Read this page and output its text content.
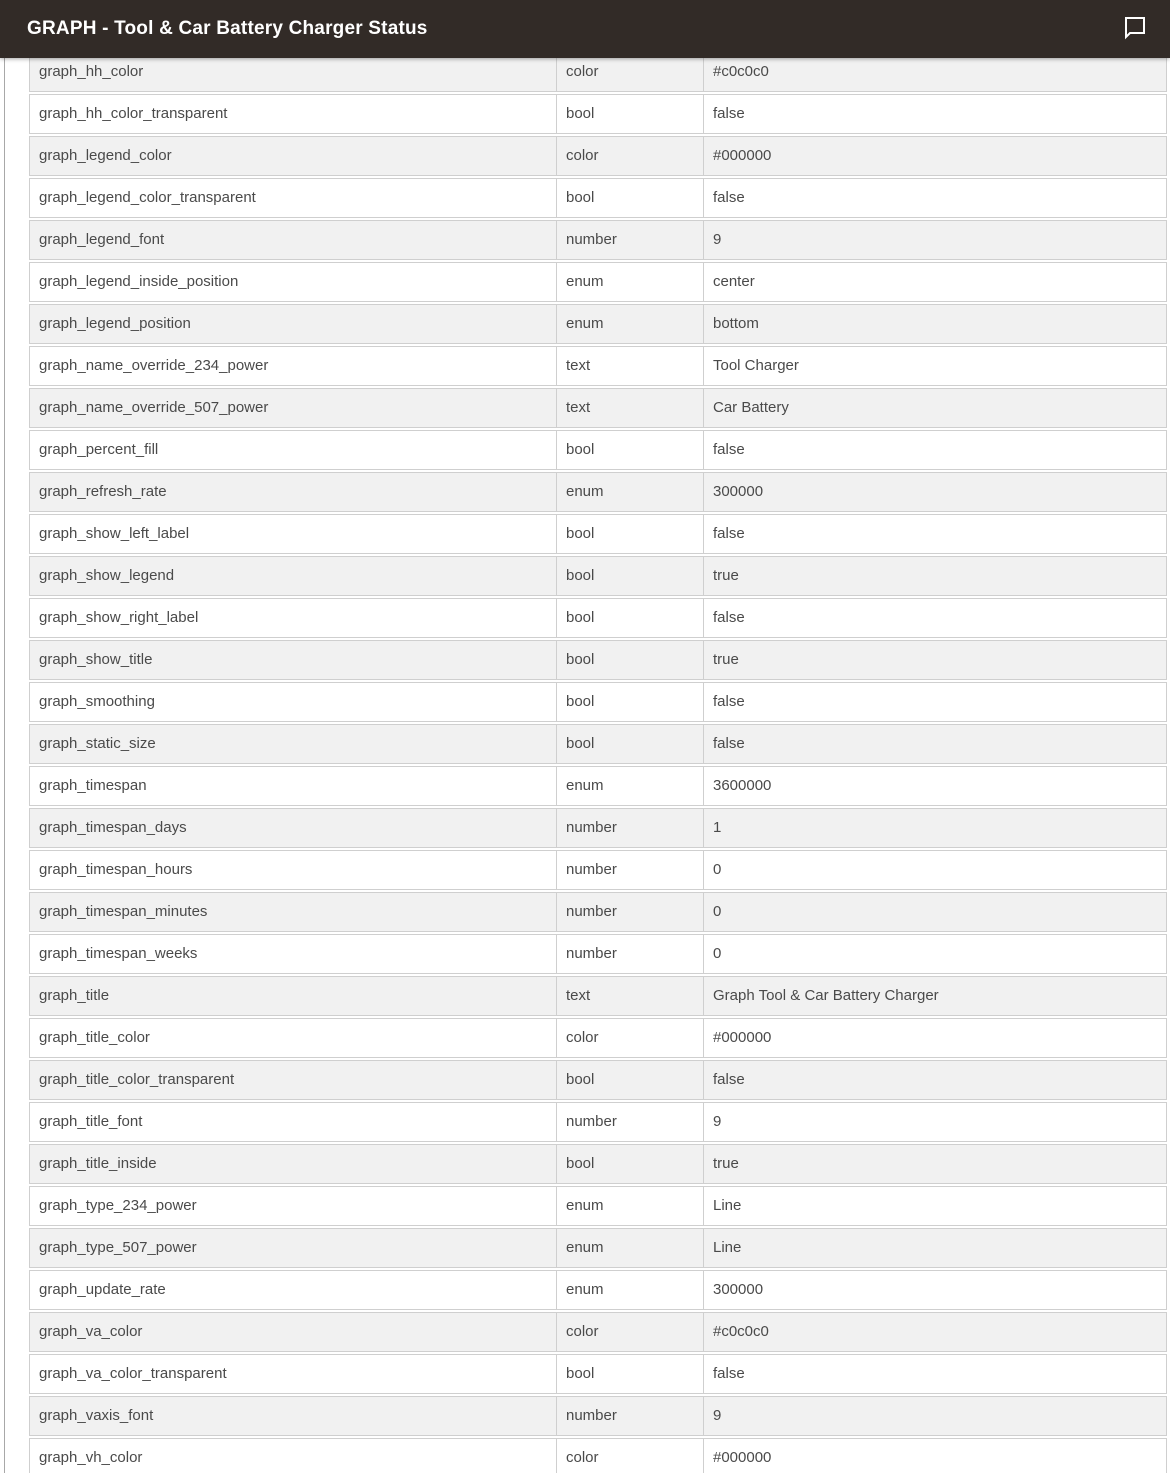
graph_hh_color	color	#c0c0c0
graph_hh_color_transparent	bool	false
graph_legend_color	color	#000000
graph_legend_color_transparent	bool	false
graph_legend_font	number	9
graph_legend_inside_position	enum	center
graph_legend_position	enum	bottom
graph_name_override_234_power	text	Tool Charger
graph_name_override_507_power	text	Car Battery
graph_percent_fill	bool	false
graph_refresh_rate	enum	300000
graph_show_left_label	bool	false
graph_show_legend	bool	true
graph_show_right_label	bool	false
graph_show_title	bool	true
graph_smoothing	bool	false
graph_static_size	bool	false
graph_timespan	enum	3600000
graph_timespan_days	number	1
graph_timespan_hours	number	0
graph_timespan_minutes	number	0
graph_timespan_weeks	number	0
graph_title	text	Graph Tool & Car Battery Charger
graph_title_color	color	#000000
graph_title_color_transparent	bool	false
graph_title_font	number	9
graph_title_inside	bool	true
graph_type_234_power	enum	Line
graph_type_507_power	enum	Line
graph_update_rate	enum	300000
graph_va_color	color	#c0c0c0
graph_va_color_transparent	bool	false
graph_vaxis_font	number	9
graph_vh_color	color	#000000
GRAPH - Tool & Car Battery Charger Status
